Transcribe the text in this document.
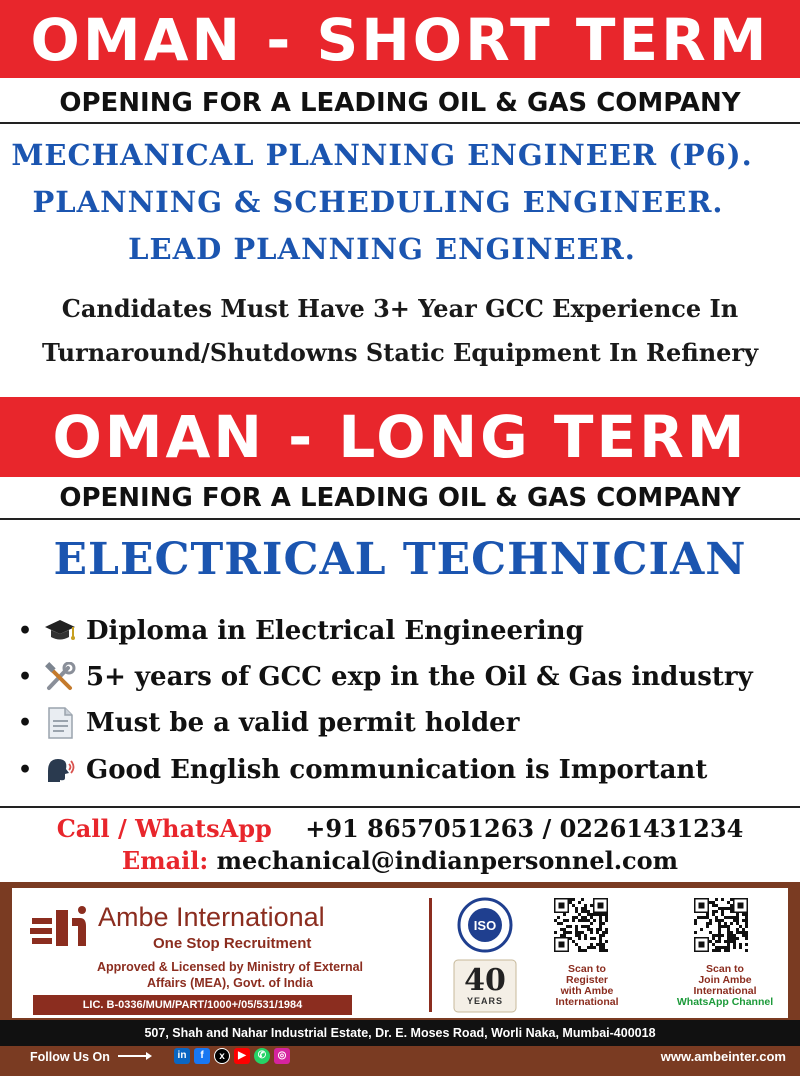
OMAN - SHORT TERM
OPENING FOR A LEADING OIL & GAS COMPANY
MECHANICAL PLANNING ENGINEER (P6).
PLANNING & SCHEDULING ENGINEER.
LEAD PLANNING ENGINEER.
Candidates Must Have 3+ Year GCC Experience In
Turnaround/Shutdowns Static Equipment In Refinery
OMAN - LONG TERM
OPENING FOR A LEADING OIL & GAS COMPANY
ELECTRICAL TECHNICIAN
•	Diploma in Electrical Engineering
•	5+ years of GCC exp in the Oil & Gas industry
•	Must be a valid permit holder
•	Good English communication is Important
Call / WhatsApp +91 8657051263 / 02261431234
Email: mechanical@indianpersonnel.com
Ambe International
One Stop Recruitment
Approved & Licensed by Ministry of External
Affairs (MEA), Govt. of India
LIC. B-0336/MUM/PART/1000+/05/531/1984
ISO
40
YEARS
Scan to
Register
with Ambe
International
Scan to
Join Ambe
International
WhatsApp Channel
507, Shah and Nahar Industrial Estate, Dr. E. Moses Road, Worli Naka, Mumbai-400018
Follow Us On	in	f	x	▶	✆	◎	www.ambeinter.com
